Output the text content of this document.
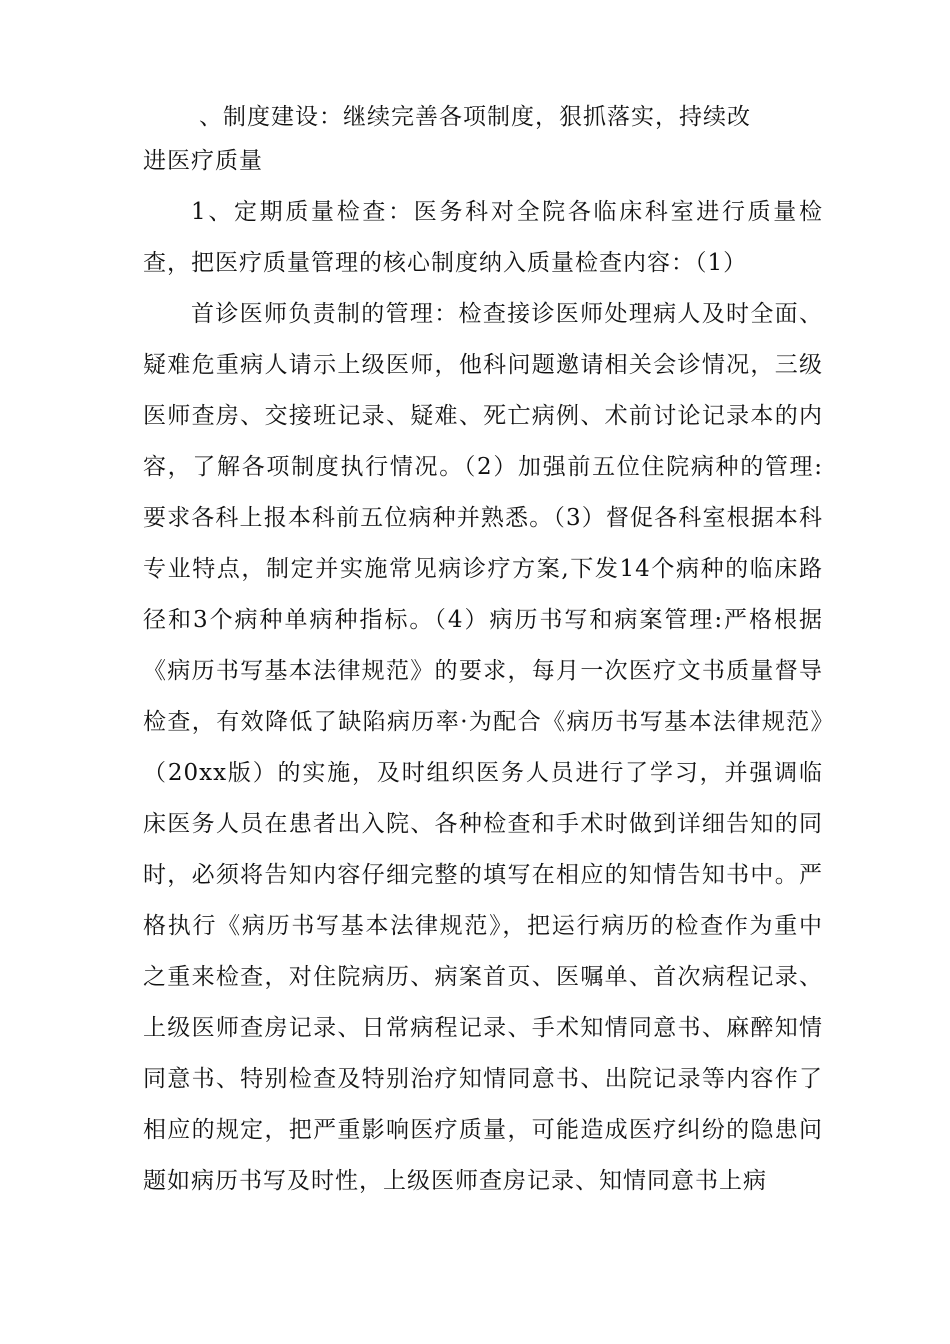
、制度建设：继续完善各项制度，狠抓落实，持续改
进医疗质量

1、定期质量检查：医务科对全院各临床科室进行质量检查，把医疗质量管理的核心制度纳入质量检查内容：（1）

首诊医师负责制的管理：检查接诊医师处理病人及时全面、疑难危重病人请示上级医师，他科问题邀请相关会诊情况，三级医师查房、交接班记录、疑难、死亡病例、术前讨论记录本的内容，了解各项制度执行情况。（2）加强前五位住院病种的管理:要求各科上报本科前五位病种并熟悉。（3）督促各科室根据本科专业特点，制定并实施常见病诊疗方案,下发14个病种的临床路径和3个病种单病种指标。（4）病历书写和病案管理:严格根据《病历书写基本法律规范》的要求，每月一次医疗文书质量督导检查，有效降低了缺陷病历率·为配合《病历书写基本法律规范》（20xx版）的实施，及时组织医务人员进行了学习，并强调临床医务人员在患者出入院、各种检查和手术时做到详细告知的同时，必须将告知内容仔细完整的填写在相应的知情告知书中。严格执行《病历书写基本法律规范》，把运行病历的检查作为重中之重来检查，对住院病历、病案首页、医嘱单、首次病程记录、上级医师查房记录、日常病程记录、手术知情同意书、麻醉知情同意书、特别检查及特别治疗知情同意书、出院记录等内容作了相应的规定，把严重影响医疗质量，可能造成医疗纠纷的隐患问题如病历书写及时性，上级医师查房记录、知情同意书上病
